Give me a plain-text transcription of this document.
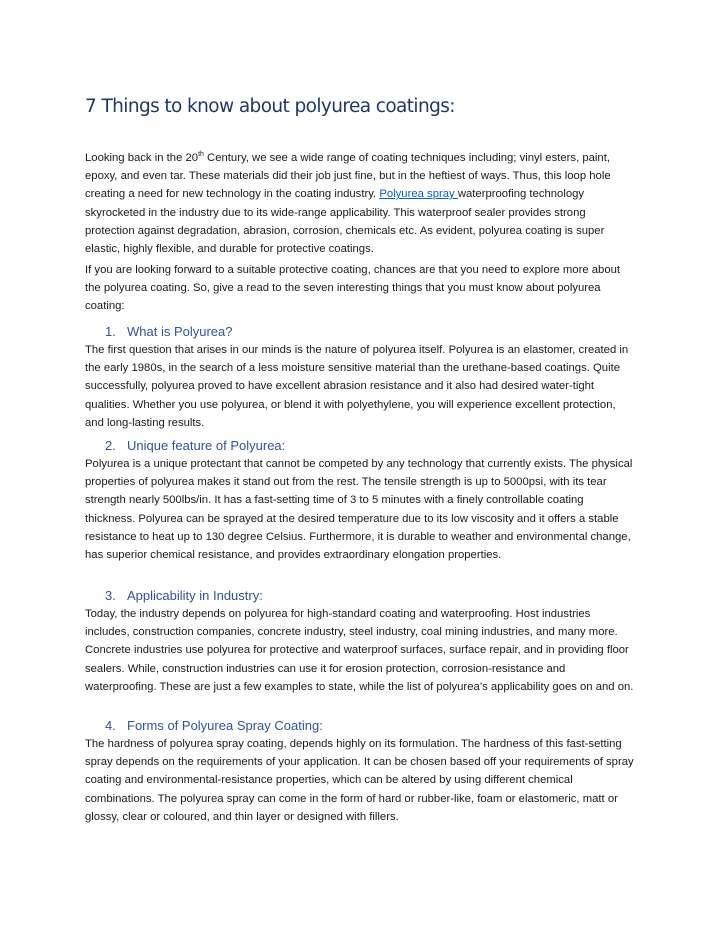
7 Things to know about polyurea coatings:

Looking back in the 20th Century, we see a wide range of coating techniques including; vinyl esters, paint, epoxy, and even tar. These materials did their job just fine, but in the heftiest of ways. Thus, this loop hole creating a need for new technology in the coating industry. Polyurea spray waterproofing technology skyrocketed in the industry due to its wide-range applicability. This waterproof sealer provides strong protection against degradation, abrasion, corrosion, chemicals etc. As evident, polyurea coating is super elastic, highly flexible, and durable for protective coatings.

If you are looking forward to a suitable protective coating, chances are that you need to explore more about the polyurea coating. So, give a read to the seven interesting things that you must know about polyurea coating:

1. What is Polyurea?

The first question that arises in our minds is the nature of polyurea itself. Polyurea is an elastomer, created in the early 1980s, in the search of a less moisture sensitive material than the urethane-based coatings. Quite successfully, polyurea proved to have excellent abrasion resistance and it also had desired water-tight qualities. Whether you use polyurea, or blend it with polyethylene, you will experience excellent protection, and long-lasting results.

2. Unique feature of Polyurea:

Polyurea is a unique protectant that cannot be competed by any technology that currently exists. The physical properties of polyurea makes it stand out from the rest. The tensile strength is up to 5000psi, with its tear strength nearly 500lbs/in. It has a fast-setting time of 3 to 5 minutes with a finely controllable coating thickness. Polyurea can be sprayed at the desired temperature due to its low viscosity and it offers a stable resistance to heat up to 130 degree Celsius. Furthermore, it is durable to weather and environmental change, has superior chemical resistance, and provides extraordinary elongation properties.

3. Applicability in Industry:

Today, the industry depends on polyurea for high-standard coating and waterproofing. Host industries includes, construction companies, concrete industry, steel industry, coal mining industries, and many more. Concrete industries use polyurea for protective and waterproof surfaces, surface repair, and in providing floor sealers. While, construction industries can use it for erosion protection, corrosion-resistance and waterproofing. These are just a few examples to state, while the list of polyurea’s applicability goes on and on.

4. Forms of Polyurea Spray Coating:

The hardness of polyurea spray coating, depends highly on its formulation. The hardness of this fast-setting spray depends on the requirements of your application. It can be chosen based off your requirements of spray coating and environmental-resistance properties, which can be altered by using different chemical combinations. The polyurea spray can come in the form of hard or rubber-like, foam or elastomeric, matt or glossy, clear or coloured, and thin layer or designed with fillers.
